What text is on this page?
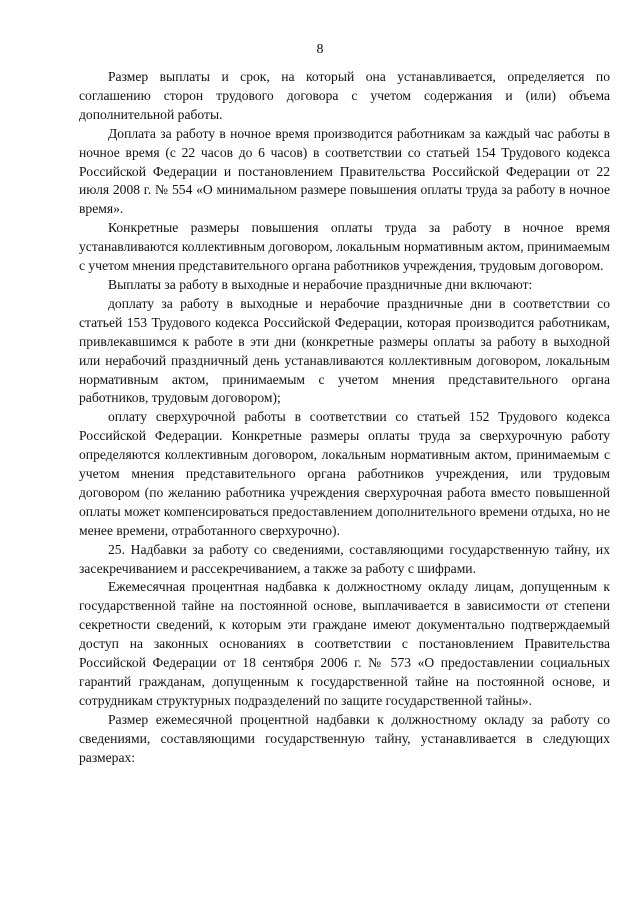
8

Размер выплаты и срок, на который она устанавливается, определяется по соглашению сторон трудового договора с учетом содержания и (или) объема дополнительной работы.

Доплата за работу в ночное время производится работникам за каждый час работы в ночное время (с 22 часов до 6 часов) в соответствии со статьей 154 Трудового кодекса Российской Федерации и постановлением Правительства Российской Федерации от 22 июля 2008 г. № 554 «О минимальном размере повышения оплаты труда за работу в ночное время».

Конкретные размеры повышения оплаты труда за работу в ночное время устанавливаются коллективным договором, локальным нормативным актом, принимаемым с учетом мнения представительного органа работников учреждения, трудовым договором.

Выплаты за работу в выходные и нерабочие праздничные дни включают:

доплату за работу в выходные и нерабочие праздничные дни в соответствии со статьей 153 Трудового кодекса Российской Федерации, которая производится работникам, привлекавшимся к работе в эти дни (конкретные размеры оплаты за работу в выходной или нерабочий праздничный день устанавливаются коллективным договором, локальным нормативным актом, принимаемым с учетом мнения представительного органа работников, трудовым договором);

оплату сверхурочной работы в соответствии со статьей 152 Трудового кодекса Российской Федерации. Конкретные размеры оплаты труда за сверхурочную работу определяются коллективным договором, локальным нормативным актом, принимаемым с учетом мнения представительного органа работников учреждения, или трудовым договором (по желанию работника учреждения сверхурочная работа вместо повышенной оплаты может компенсироваться предоставлением дополнительного времени отдыха, но не менее времени, отработанного сверхурочно).

25. Надбавки за работу со сведениями, составляющими государственную тайну, их засекречиванием и рассекречиванием, а также за работу с шифрами.

Ежемесячная процентная надбавка к должностному окладу лицам, допущенным к государственной тайне на постоянной основе, выплачивается в зависимости от степени секретности сведений, к которым эти граждане имеют документально подтверждаемый доступ на законных основаниях в соответствии с постановлением Правительства Российской Федерации от 18 сентября 2006 г. № 573 «О предоставлении социальных гарантий гражданам, допущенным к государственной тайне на постоянной основе, и сотрудникам структурных подразделений по защите государственной тайны».

Размер ежемесячной процентной надбавки к должностному окладу за работу со сведениями, составляющими государственную тайну, устанавливается в следующих размерах:
